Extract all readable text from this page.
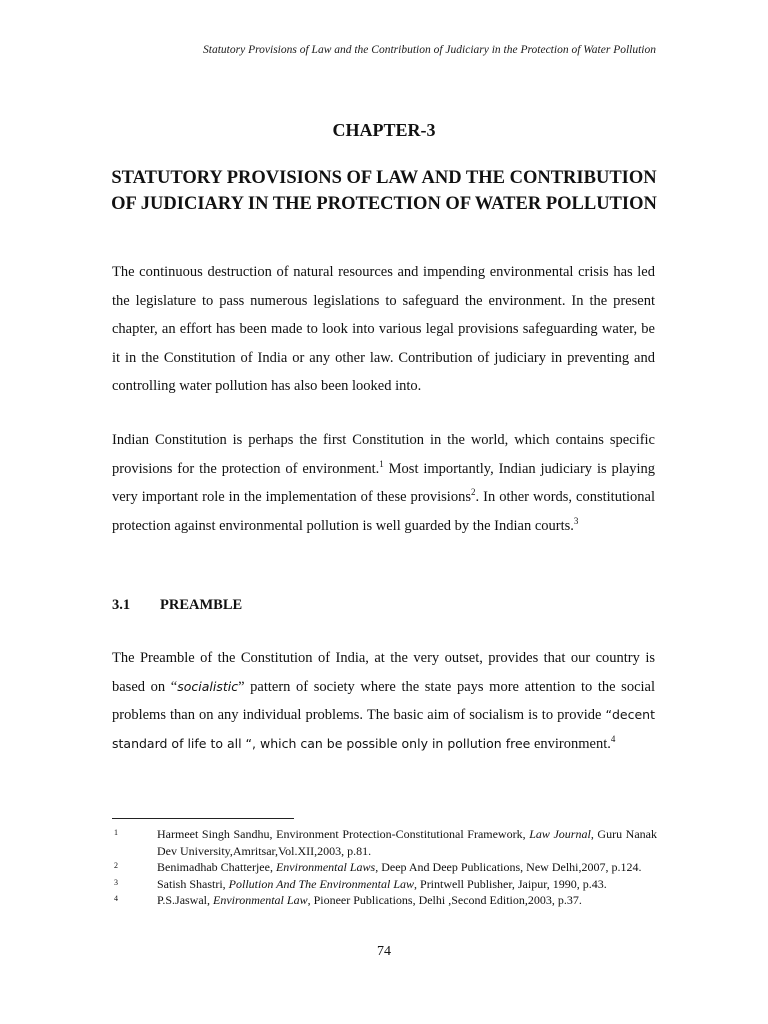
Statutory Provisions of Law and the Contribution of Judiciary in the Protection of Water Pollution
CHAPTER-3
STATUTORY PROVISIONS OF LAW AND THE CONTRIBUTION OF JUDICIARY IN THE PROTECTION OF WATER POLLUTION

The continuous destruction of natural resources and impending environmental crisis has led the legislature to pass numerous legislations to safeguard the environment. In the present chapter, an effort has been made to look into various legal provisions safeguarding water, be it in the Constitution of India or any other law. Contribution of judiciary in preventing and controlling water pollution has also been looked into.

Indian Constitution is perhaps the first Constitution in the world, which contains specific provisions for the protection of environment.$^1$ Most importantly, Indian judiciary is playing very important role in the implementation of these provisions$^2$. In other words, constitutional protection against environmental pollution is well guarded by the Indian courts.$^3$

3.1 PREAMBLE

The Preamble of the Constitution of India, at the very outset, provides that our country is based on “socialistic” pattern of society where the state pays more attention to the social problems than on any individual problems. The basic aim of socialism is to provide “decent standard of life to all “, which can be possible only in pollution free environment.$^4$

1	Harmeet Singh Sandhu, Environment Protection-Constitutional Framework, Law Journal, Guru Nanak Dev University,Amritsar,Vol.XII,2003, p.81.
2	Benimadhab Chatterjee, Environmental Laws, Deep And Deep Publications, New Delhi,2007, p.124.
3	Satish Shastri, Pollution And The Environmental Law, Printwell Publisher, Jaipur, 1990, p.43.
4	P.S.Jaswal, Environmental Law, Pioneer Publications, Delhi ,Second Edition,2003, p.37.
74
